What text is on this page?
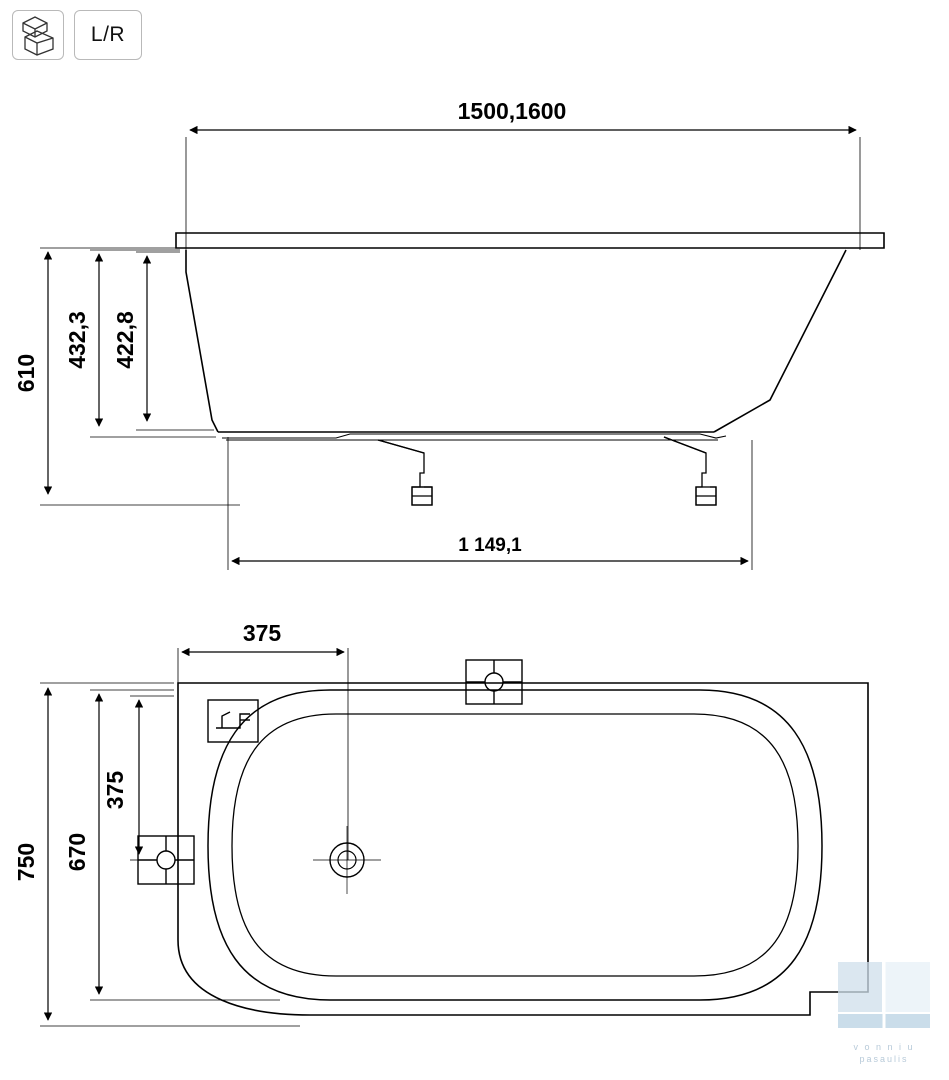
L/R
1500,1600
610
432,3 422,8
1 149,1
375
750 670
375
v o n n i u
pasaulis
